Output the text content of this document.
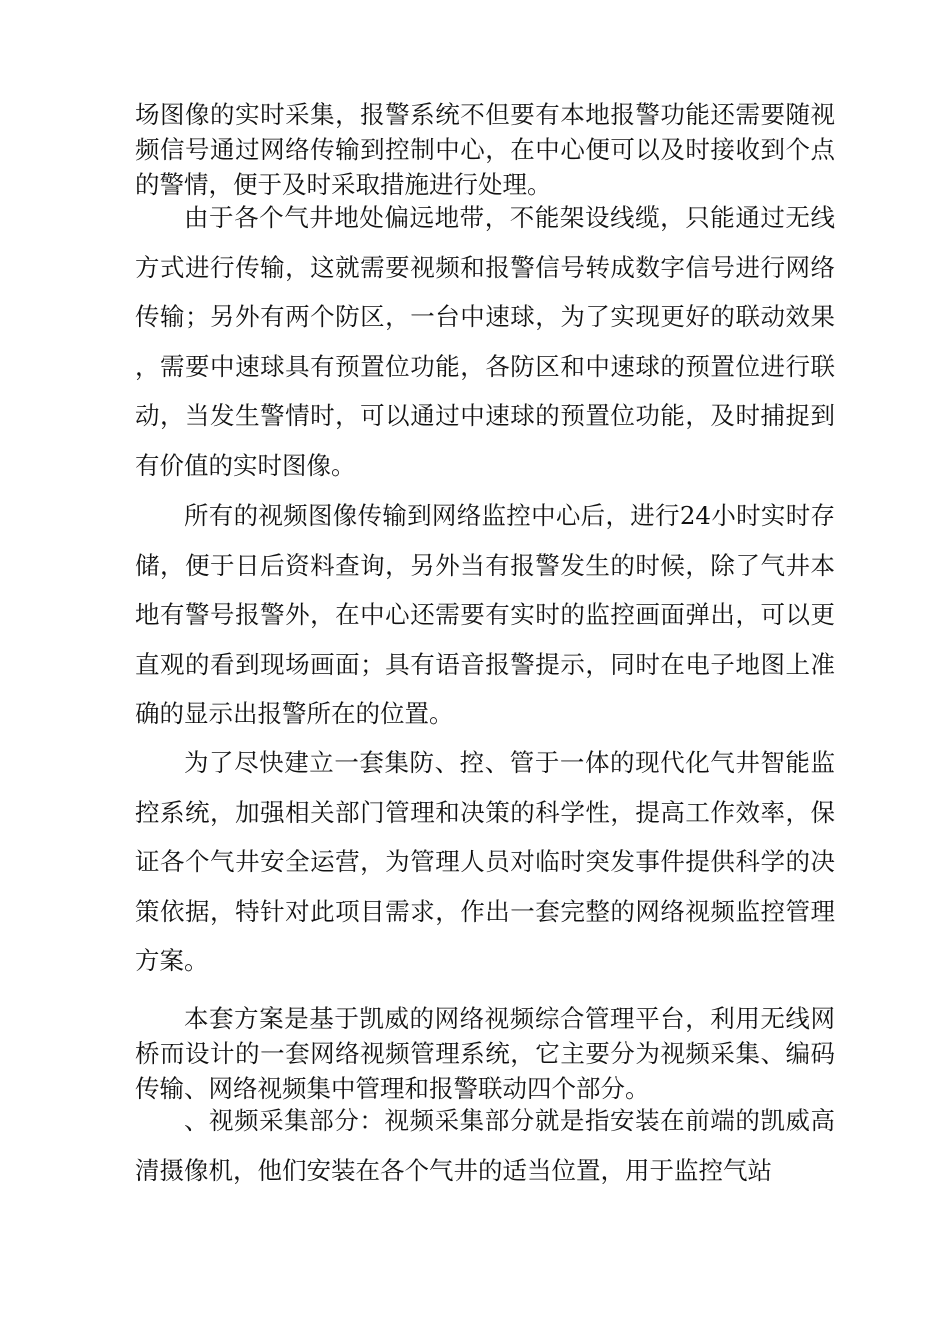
场图像的实时采集，报警系统不但要有本地报警功能还需要随视频信号通过网络传输到控制中心，在中心便可以及时接收到个点的警情，便于及时采取措施进行处理。

由于各个气井地处偏远地带，不能架设线缆，只能通过无线方式进行传输，这就需要视频和报警信号转成数字信号进行网络传输；另外有两个防区，一台中速球，为了实现更好的联动效果，需要中速球具有预置位功能，各防区和中速球的预置位进行联动，当发生警情时，可以通过中速球的预置位功能，及时捕捉到有价值的实时图像。

所有的视频图像传输到网络监控中心后，进行24小时实时存储，便于日后资料查询，另外当有报警发生的时候，除了气井本地有警号报警外，在中心还需要有实时的监控画面弹出，可以更直观的看到现场画面；具有语音报警提示，同时在电子地图上准确的显示出报警所在的位置。

为了尽快建立一套集防、控、管于一体的现代化气井智能监控系统，加强相关部门管理和决策的科学性，提高工作效率，保证各个气井安全运营，为管理人员对临时突发事件提供科学的决策依据，特针对此项目需求，作出一套完整的网络视频监控管理方案。

本套方案是基于凯威的网络视频综合管理平台，利用无线网桥而设计的一套网络视频管理系统，它主要分为视频采集、编码传输、网络视频集中管理和报警联动四个部分。

、视频采集部分：视频采集部分就是指安装在前端的凯威高清摄像机，他们安装在各个气井的适当位置，用于监控气站
